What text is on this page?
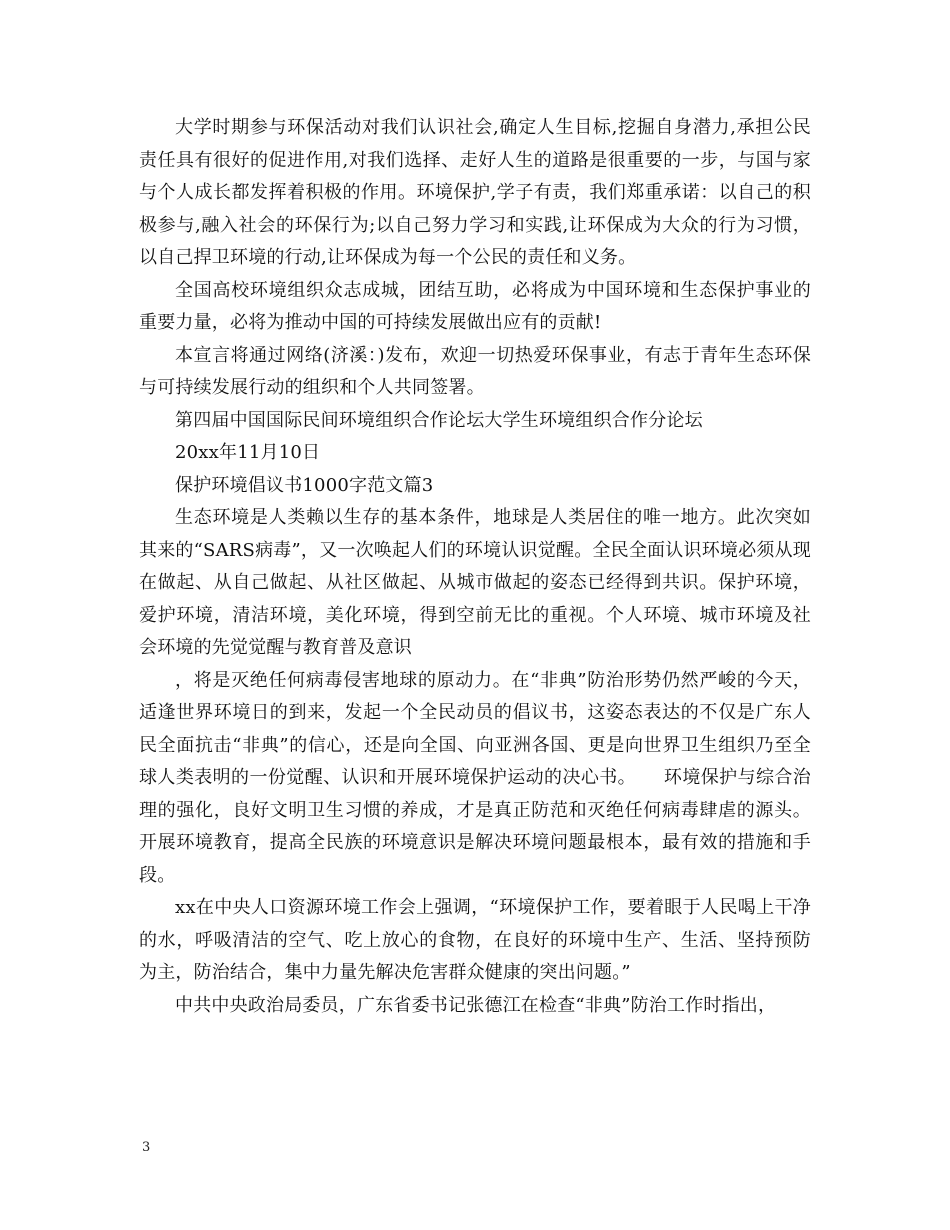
大学时期参与环保活动对我们认识社会,确定人生目标,挖掘自身潜力,承担公民责任具有很好的促进作用,对我们选择、走好人生的道路是很重要的一步，与国与家与个人成长都发挥着积极的作用。环境保护,学子有责，我们郑重承诺：以自己的积极参与,融入社会的环保行为;以自己努力学习和实践,让环保成为大众的行为习惯，以自己捍卫环境的行动,让环保成为每一个公民的责任和义务。

全国高校环境组织众志成城，团结互助，必将成为中国环境和生态保护事业的重要力量，必将为推动中国的可持续发展做出应有的贡献!

本宣言将通过网络(济溪：)发布，欢迎一切热爱环保事业，有志于青年生态环保与可持续发展行动的组织和个人共同签署。

第四届中国国际民间环境组织合作论坛大学生环境组织合作分论坛

20xx年11月10日

保护环境倡议书1000字范文篇3

生态环境是人类赖以生存的基本条件，地球是人类居住的唯一地方。此次突如其来的“SARS病毒”，又一次唤起人们的环境认识觉醒。全民全面认识环境必须从现在做起、从自己做起、从社区做起、从城市做起的姿态已经得到共识。保护环境，爱护环境，清洁环境，美化环境，得到空前无比的重视。个人环境、城市环境及社会环境的先觉觉醒与教育普及意识

，将是灭绝任何病毒侵害地球的原动力。在“非典”防治形势仍然严峻的今天，适逢世界环境日的到来，发起一个全民动员的倡议书，这姿态表达的不仅是广东人民全面抗击“非典”的信心，还是向全国、向亚洲各国、更是向世界卫生组织乃至全球人类表明的一份觉醒、认识和开展环境保护运动的决心书。　　环境保护与综合治理的强化，良好文明卫生习惯的养成，才是真正防范和灭绝任何病毒肆虐的源头。开展环境教育，提高全民族的环境意识是解决环境问题最根本，最有效的措施和手段。

xx在中央人口资源环境工作会上强调，“环境保护工作，要着眼于人民喝上干净的水，呼吸清洁的空气、吃上放心的食物，在良好的环境中生产、生活、坚持预防为主，防治结合，集中力量先解决危害群众健康的突出问题。”

中共中央政治局委员，广东省委书记张德江在检查“非典”防治工作时指出，

3
